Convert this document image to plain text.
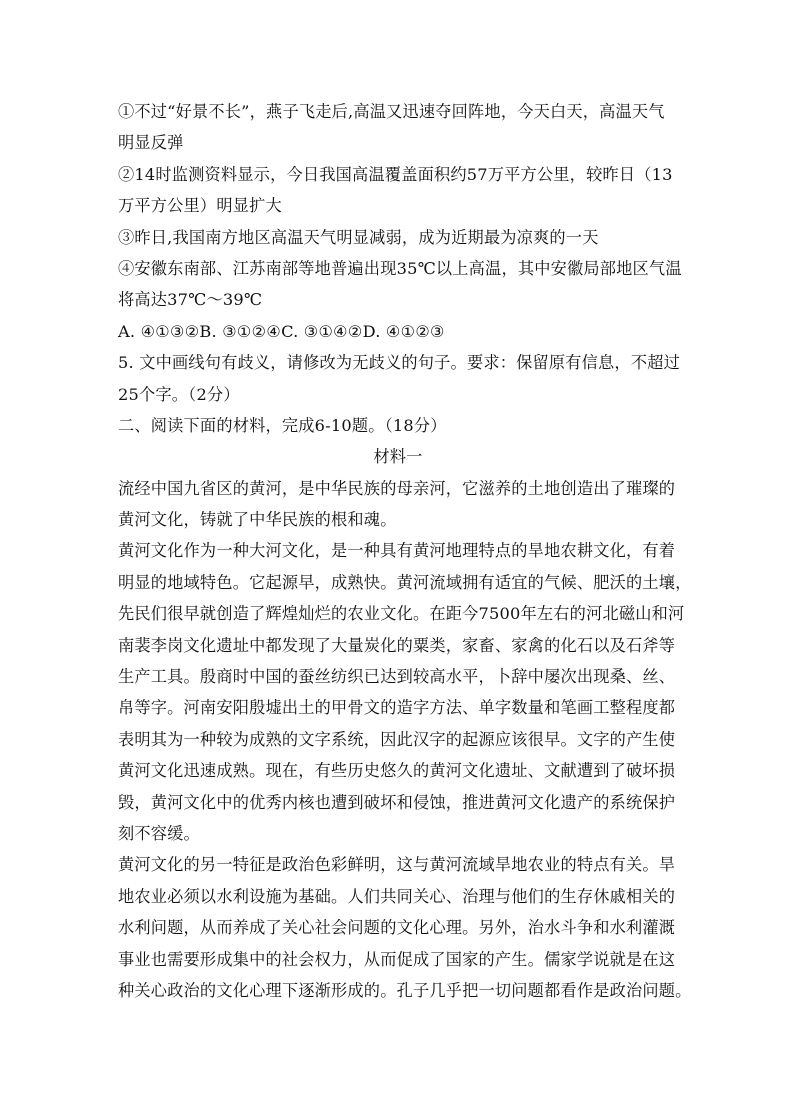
①不过“好景不长”，燕子飞走后,高温又迅速夺回阵地，今天白天，高温天气
明显反弹
②14时监测资料显示，今日我国高温覆盖面积约57万平方公里，较昨日（13
万平方公里）明显扩大
③昨日,我国南方地区高温天气明显减弱，成为近期最为凉爽的一天
④安徽东南部、江苏南部等地普遍出现35℃以上高温，其中安徽局部地区气温
将高达37℃～39℃
A. ④①③②B. ③①②④C. ③①④②D. ④①②③
5. 文中画线句有歧义，请修改为无歧义的句子。要求：保留原有信息，不超过
25个字。（2分）
二、阅读下面的材料，完成6-10题。（18分）
材料一
流经中国九省区的黄河，是中华民族的母亲河，它滋养的土地创造出了璀璨的
黄河文化，铸就了中华民族的根和魂。
黄河文化作为一种大河文化，是一种具有黄河地理特点的旱地农耕文化，有着
明显的地域特色。它起源早，成熟快。黄河流域拥有适宜的气候、肥沃的土壤，
先民们很早就创造了辉煌灿烂的农业文化。在距今7500年左右的河北磁山和河
南裴李岗文化遗址中都发现了大量炭化的粟类，家畜、家禽的化石以及石斧等
生产工具。殷商时中国的蚕丝纺织已达到较高水平，卜辞中屡次出现桑、丝、
帛等字。河南安阳殷墟出土的甲骨文的造字方法、单字数量和笔画工整程度都
表明其为一种较为成熟的文字系统，因此汉字的起源应该很早。文字的产生使
黄河文化迅速成熟。现在，有些历史悠久的黄河文化遗址、文献遭到了破坏损
毁，黄河文化中的优秀内核也遭到破坏和侵蚀，推进黄河文化遗产的系统保护
刻不容缓。
黄河文化的另一特征是政治色彩鲜明，这与黄河流域旱地农业的特点有关。旱
地农业必须以水利设施为基础。人们共同关心、治理与他们的生存休戚相关的
水利问题，从而养成了关心社会问题的文化心理。另外，治水斗争和水利灌溉
事业也需要形成集中的社会权力，从而促成了国家的产生。儒家学说就是在这
种关心政治的文化心理下逐渐形成的。孔子几乎把一切问题都看作是政治问题。
